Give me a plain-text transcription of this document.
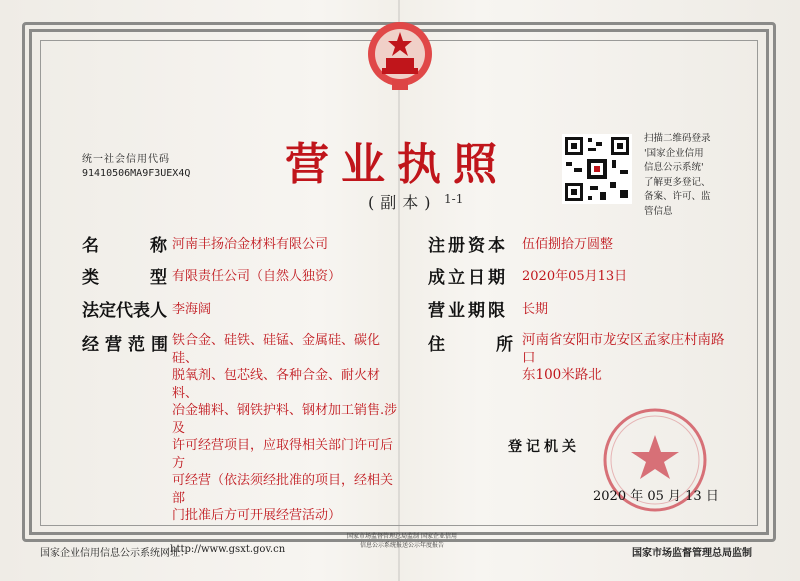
统一社会信用代码
91410506MA9F3UEX4Q 营业执照
(副本) 1-1
扫描二维码登录
'国家企业信用
信息公示系统'
了解更多登记、
备案、许可、监
管信息
名　　　称 河南丰扬冶金材料有限公司
类　　　型 有限责任公司（自然人独资）
法定代表人 李海阔
经营范围
铁合金、硅铁、硅锰、金属硅、碳化硅、
脱氧剂、包芯线、各种合金、耐火材料、
冶金辅料、钢铁护料、钢材加工销售.涉及
许可经营项目，应取得相关部门许可后方
可经营（依法须经批准的项目，经相关部
门批准后方可开展经营活动）
注册资本 伍佰捌拾万圆整
成立日期 2020年05月13日
营业期限 长期
住　　　所 河南省安阳市龙安区孟家庄村南路口
东100米路北
登记机关
2020 年 05 月 13 日
国家企业信用信息公示系统网址：
http://www.gsxt.gov.cn
国家市场监督管理总局监制 国家企业信用信息公示系统报送公示年度报告
国家市场监督管理总局监制
